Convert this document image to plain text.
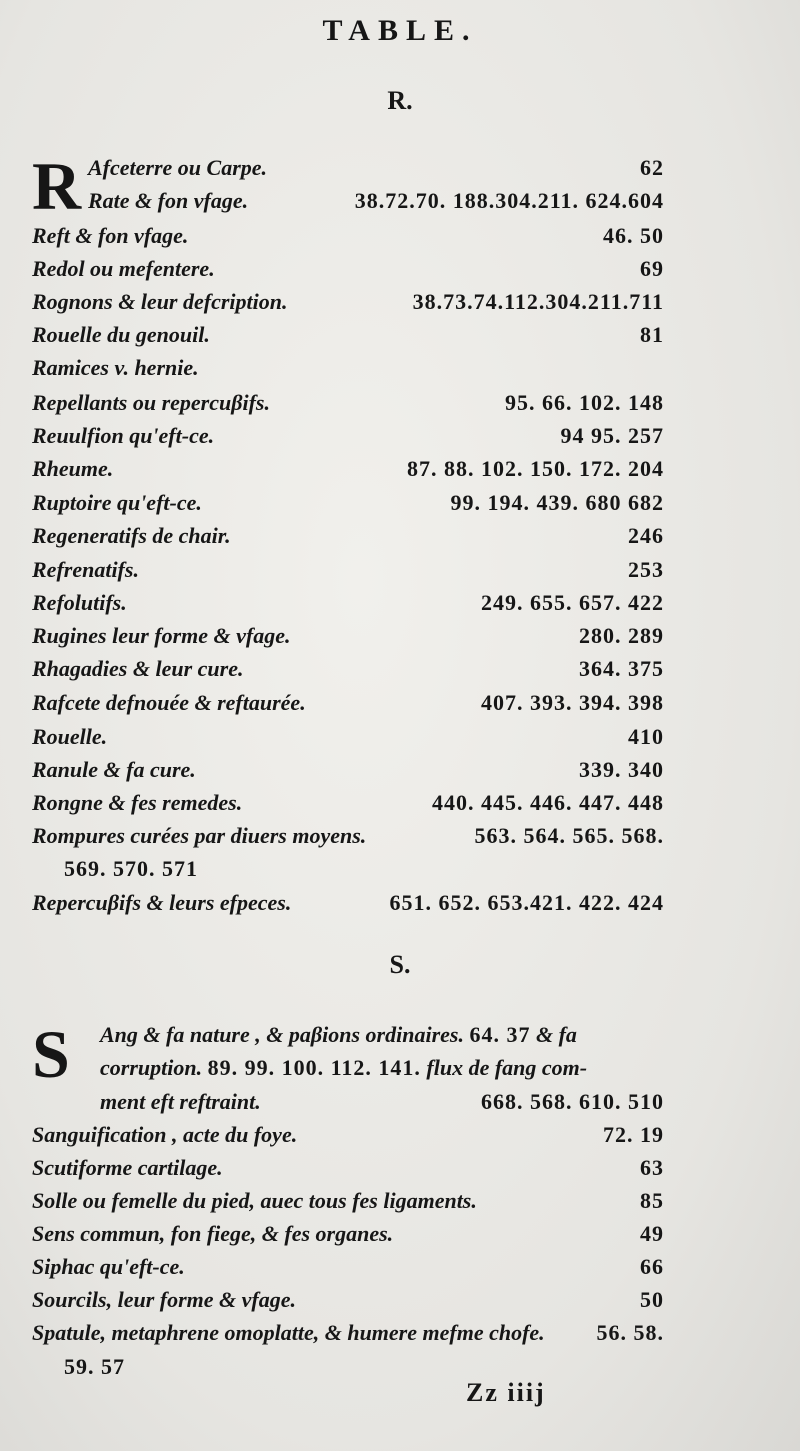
TABLE.
R.
R Afceterre ou Carpe.	62
Rate & fon vfage.	38.72.70. 188.304.211. 624.604
Reft & fon vfage.	46. 50
Redol ou mefentere.	69
Rognons & leur defcription.	38.73.74.112.304.211.711
Rouelle du genouil.	81
Ramices v. hernie.
Repellants ou repercuβifs.	95. 66. 102. 148
Reuulfion qu'eft-ce.	94 95. 257
Rheume.	87. 88. 102. 150. 172. 204
Ruptoire qu'eft-ce.	99. 194. 439. 680 682
Regeneratifs de chair.	246
Refrenatifs.	253
Refolutifs.	249. 655. 657. 422
Rugines leur forme & vfage.	280. 289
Rhagadies & leur cure.	364. 375
Rafcete defnouée & reftaurée.	407. 393. 394. 398
Rouelle.	410
Ranule & fa cure.	339. 340
Rongne & fes remedes.	440. 445. 446. 447. 448
Rompures curées par diuers moyens.	563. 564. 565. 568.
569. 570. 571
Repercuβifs & leurs efpeces.	651. 652. 653.421. 422. 424
S.
S Ang & fa nature , & paβions ordinaires. 64. 37 & fa
corruption. 89. 99. 100. 112. 141. flux de fang com-
ment eft reftraint.	668. 568. 610. 510
Sanguification , acte du foye.	72. 19
Scutiforme cartilage.	63
Solle ou femelle du pied, auec tous fes ligaments.	85
Sens commun, fon fiege, & fes organes.	49
Siphac qu'eft-ce.	66
Sourcils, leur forme & vfage.	50
Spatule, metaphrene omoplatte, & humere mefme chofe. 56. 58.
59. 57
Zz iiij
